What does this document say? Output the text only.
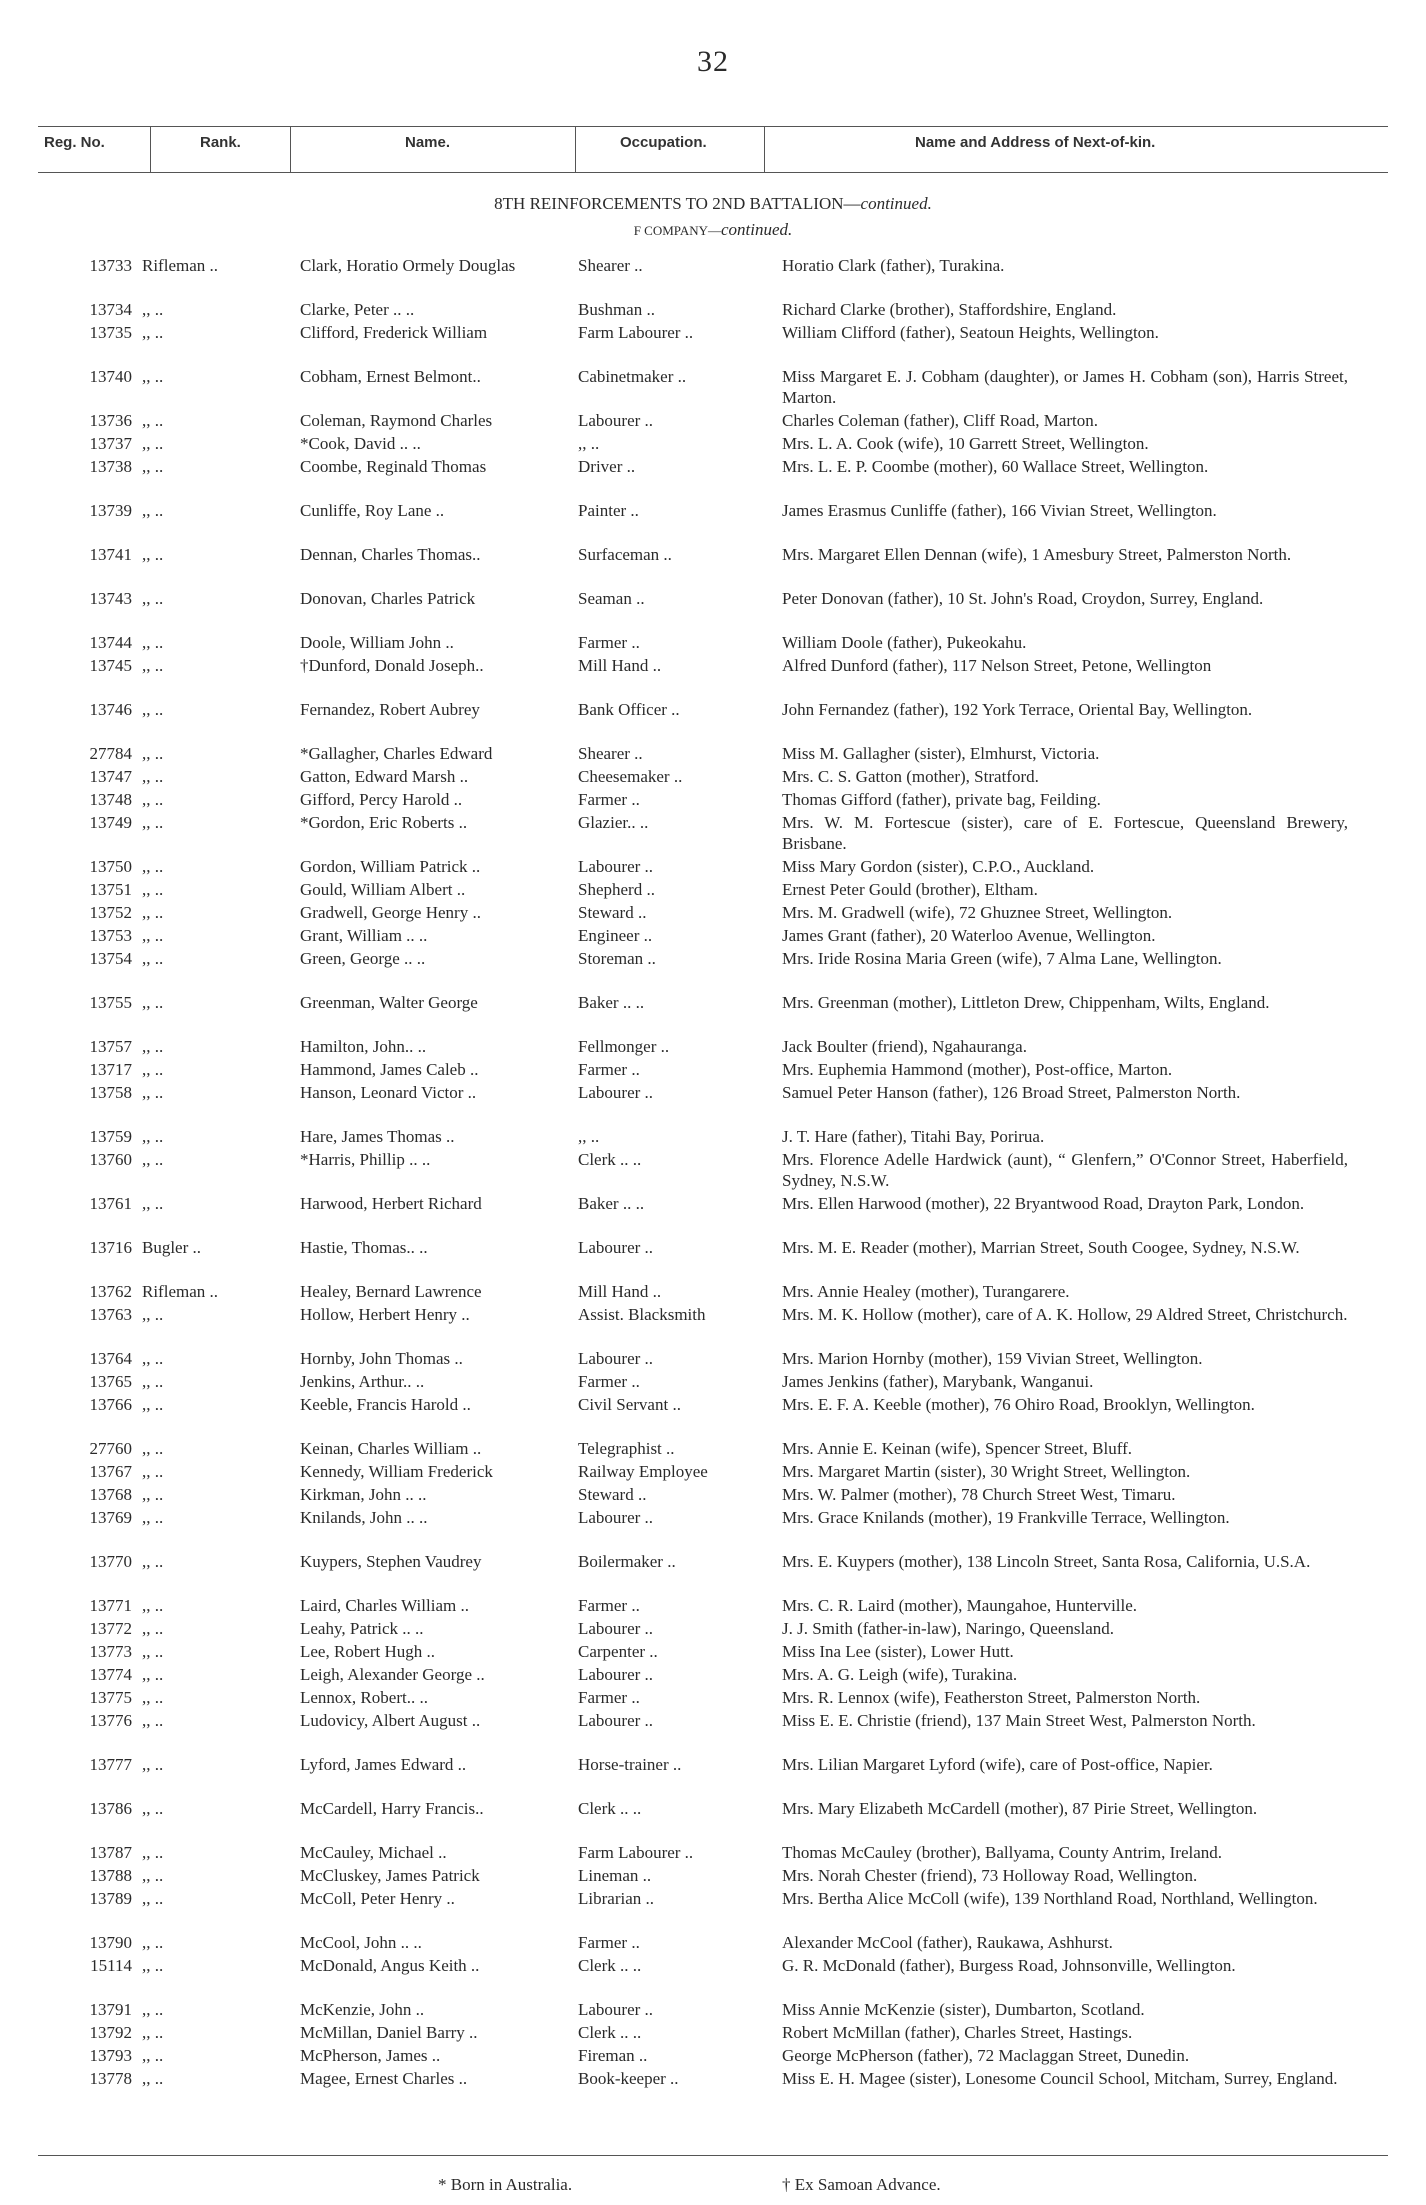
32
Reg. No.	Rank.	Name.	Occupation.	Name and Address of Next-of-kin.
8TH REINFORCEMENTS TO 2ND BATTALION—continued.
F COMPANY—continued.
13733 Rifleman ..	Clark, Horatio Ormely Douglas	Shearer ..	Horatio Clark (father), Turakina.
13734 ,, ..	Clarke, Peter .. ..	Bushman ..	Richard Clarke (brother), Staffordshire, England.
13735 ,, ..	Clifford, Frederick William	Farm Labourer ..	William Clifford (father), Seatoun Heights, Wellington.
13740 ,, ..	Cobham, Ernest Belmont..	Cabinetmaker ..	Miss Margaret E. J. Cobham (daughter), or James H. Cobham (son), Harris Street, Marton.
13736 ,, ..	Coleman, Raymond Charles	Labourer ..	Charles Coleman (father), Cliff Road, Marton.
13737 ,, ..	*Cook, David .. ..	,, ..	Mrs. L. A. Cook (wife), 10 Garrett Street, Wellington.
13738 ,, ..	Coombe, Reginald Thomas	Driver ..	Mrs. L. E. P. Coombe (mother), 60 Wallace Street, Wellington.
13739 ,, ..	Cunliffe, Roy Lane ..	Painter ..	James Erasmus Cunliffe (father), 166 Vivian Street, Wellington.
13741 ,, ..	Dennan, Charles Thomas..	Surfaceman ..	Mrs. Margaret Ellen Dennan (wife), 1 Amesbury Street, Palmerston North.
13743 ,, ..	Donovan, Charles Patrick	Seaman ..	Peter Donovan (father), 10 St. John's Road, Croydon, Surrey, England.
13744 ,, ..	Doole, William John ..	Farmer ..	William Doole (father), Pukeokahu.
13745 ,, ..	†Dunford, Donald Joseph..	Mill Hand ..	Alfred Dunford (father), 117 Nelson Street, Petone, Wellington
13746 ,, ..	Fernandez, Robert Aubrey	Bank Officer ..	John Fernandez (father), 192 York Terrace, Oriental Bay, Wellington.
27784 ,, ..	*Gallagher, Charles Edward	Shearer ..	Miss M. Gallagher (sister), Elmhurst, Victoria.
13747 ,, ..	Gatton, Edward Marsh ..	Cheesemaker ..	Mrs. C. S. Gatton (mother), Stratford.
13748 ,, ..	Gifford, Percy Harold ..	Farmer ..	Thomas Gifford (father), private bag, Feilding.
13749 ,, ..	*Gordon, Eric Roberts ..	Glazier.. ..	Mrs. W. M. Fortescue (sister), care of E. Fortescue, Queensland Brewery, Brisbane.
13750 ,, ..	Gordon, William Patrick ..	Labourer ..	Miss Mary Gordon (sister), C.P.O., Auckland.
13751 ,, ..	Gould, William Albert ..	Shepherd ..	Ernest Peter Gould (brother), Eltham.
13752 ,, ..	Gradwell, George Henry ..	Steward ..	Mrs. M. Gradwell (wife), 72 Ghuznee Street, Wellington.
13753 ,, ..	Grant, William .. ..	Engineer ..	James Grant (father), 20 Waterloo Avenue, Wellington.
13754 ,, ..	Green, George .. ..	Storeman ..	Mrs. Iride Rosina Maria Green (wife), 7 Alma Lane, Wellington.
13755 ,, ..	Greenman, Walter George	Baker .. ..	Mrs. Greenman (mother), Littleton Drew, Chippenham, Wilts, England.
13757 ,, ..	Hamilton, John.. ..	Fellmonger ..	Jack Boulter (friend), Ngahauranga.
13717 ,, ..	Hammond, James Caleb ..	Farmer ..	Mrs. Euphemia Hammond (mother), Post-office, Marton.
13758 ,, ..	Hanson, Leonard Victor ..	Labourer ..	Samuel Peter Hanson (father), 126 Broad Street, Palmerston North.
13759 ,, ..	Hare, James Thomas ..	,, ..	J. T. Hare (father), Titahi Bay, Porirua.
13760 ,, ..	*Harris, Phillip .. ..	Clerk .. ..	Mrs. Florence Adelle Hardwick (aunt), “ Glenfern,” O'Connor Street, Haberfield, Sydney, N.S.W.
13761 ,, ..	Harwood, Herbert Richard	Baker .. ..	Mrs. Ellen Harwood (mother), 22 Bryantwood Road, Drayton Park, London.
13716 Bugler ..	Hastie, Thomas.. ..	Labourer ..	Mrs. M. E. Reader (mother), Marrian Street, South Coogee, Sydney, N.S.W.
13762 Rifleman ..	Healey, Bernard Lawrence	Mill Hand ..	Mrs. Annie Healey (mother), Turangarere.
13763 ,, ..	Hollow, Herbert Henry ..	Assist. Blacksmith	Mrs. M. K. Hollow (mother), care of A. K. Hollow, 29 Aldred Street, Christchurch.
13764 ,, ..	Hornby, John Thomas ..	Labourer ..	Mrs. Marion Hornby (mother), 159 Vivian Street, Wellington.
13765 ,, ..	Jenkins, Arthur.. ..	Farmer ..	James Jenkins (father), Marybank, Wanganui.
13766 ,, ..	Keeble, Francis Harold ..	Civil Servant ..	Mrs. E. F. A. Keeble (mother), 76 Ohiro Road, Brooklyn, Wellington.
27760 ,, ..	Keinan, Charles William ..	Telegraphist ..	Mrs. Annie E. Keinan (wife), Spencer Street, Bluff.
13767 ,, ..	Kennedy, William Frederick	Railway Employee	Mrs. Margaret Martin (sister), 30 Wright Street, Wellington.
13768 ,, ..	Kirkman, John .. ..	Steward ..	Mrs. W. Palmer (mother), 78 Church Street West, Timaru.
13769 ,, ..	Knilands, John .. ..	Labourer ..	Mrs. Grace Knilands (mother), 19 Frankville Terrace, Wellington.
13770 ,, ..	Kuypers, Stephen Vaudrey	Boilermaker ..	Mrs. E. Kuypers (mother), 138 Lincoln Street, Santa Rosa, California, U.S.A.
13771 ,, ..	Laird, Charles William ..	Farmer ..	Mrs. C. R. Laird (mother), Maungahoe, Hunterville.
13772 ,, ..	Leahy, Patrick .. ..	Labourer ..	J. J. Smith (father-in-law), Naringo, Queensland.
13773 ,, ..	Lee, Robert Hugh ..	Carpenter ..	Miss Ina Lee (sister), Lower Hutt.
13774 ,, ..	Leigh, Alexander George ..	Labourer ..	Mrs. A. G. Leigh (wife), Turakina.
13775 ,, ..	Lennox, Robert.. ..	Farmer ..	Mrs. R. Lennox (wife), Featherston Street, Palmerston North.
13776 ,, ..	Ludovicy, Albert August ..	Labourer ..	Miss E. E. Christie (friend), 137 Main Street West, Palmerston North.
13777 ,, ..	Lyford, James Edward ..	Horse-trainer ..	Mrs. Lilian Margaret Lyford (wife), care of Post-office, Napier.
13786 ,, ..	McCardell, Harry Francis..	Clerk .. ..	Mrs. Mary Elizabeth McCardell (mother), 87 Pirie Street, Wellington.
13787 ,, ..	McCauley, Michael ..	Farm Labourer ..	Thomas McCauley (brother), Ballyama, County Antrim, Ireland.
13788 ,, ..	McCluskey, James Patrick	Lineman ..	Mrs. Norah Chester (friend), 73 Holloway Road, Wellington.
13789 ,, ..	McColl, Peter Henry ..	Librarian ..	Mrs. Bertha Alice McColl (wife), 139 Northland Road, Northland, Wellington.
13790 ,, ..	McCool, John .. ..	Farmer ..	Alexander McCool (father), Raukawa, Ashhurst.
15114 ,, ..	McDonald, Angus Keith ..	Clerk .. ..	G. R. McDonald (father), Burgess Road, Johnsonville, Wellington.
13791 ,, ..	McKenzie, John ..	Labourer ..	Miss Annie McKenzie (sister), Dumbarton, Scotland.
13792 ,, ..	McMillan, Daniel Barry ..	Clerk .. ..	Robert McMillan (father), Charles Street, Hastings.
13793 ,, ..	McPherson, James ..	Fireman ..	George McPherson (father), 72 Maclaggan Street, Dunedin.
13778 ,, ..	Magee, Ernest Charles ..	Book-keeper ..	Miss E. H. Magee (sister), Lonesome Council School, Mitcham, Surrey, England.
* Born in Australia.	† Ex Samoan Advance.
